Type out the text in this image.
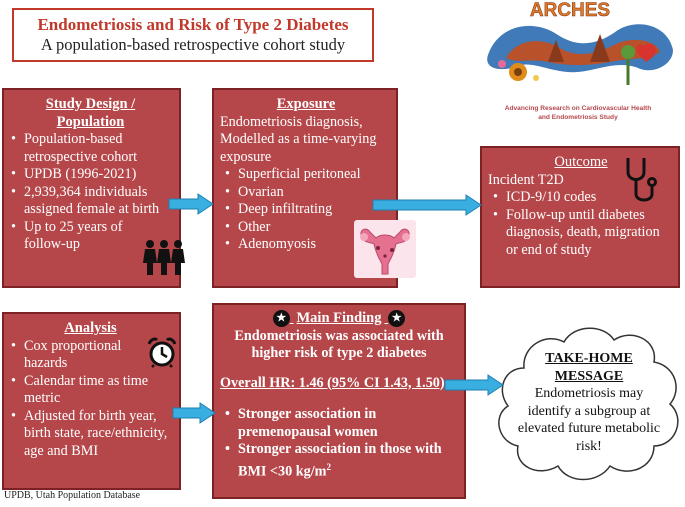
Endometriosis and Risk of Type 2 Diabetes
A population-based retrospective cohort study
ARCHES
Advancing Research on Cardiovascular Health
and Endometriosis Study
Study Design /
Population
• Population-based retrospective cohort
• UPDB (1996-2021)
• 2,939,364 individuals assigned female at birth
• Up to 25 years of follow-up
Exposure
Endometriosis diagnosis, Modelled as a time-varying exposure
• Superficial peritoneal
• Ovarian
• Deep infiltrating
• Other
• Adenomyosis
Outcome
Incident T2D
• ICD-9/10 codes
• Follow-up until diabetes diagnosis, death, migration or end of study
Analysis
• Cox proportional hazards
• Calendar time as time metric
• Adjusted for birth year, birth state, race/ethnicity, age and BMI
★ Main Finding ★
Endometriosis was associated with higher risk of type 2 diabetes
Overall HR: 1.46 (95% CI 1.43, 1.50)
• Stronger association in premenopausal women
• Stronger association in those with BMI <30 $kg/m^2$
TAKE-HOME
MESSAGE
Endometriosis may identify a subgroup at elevated future metabolic risk!
UPDB, Utah Population Database
